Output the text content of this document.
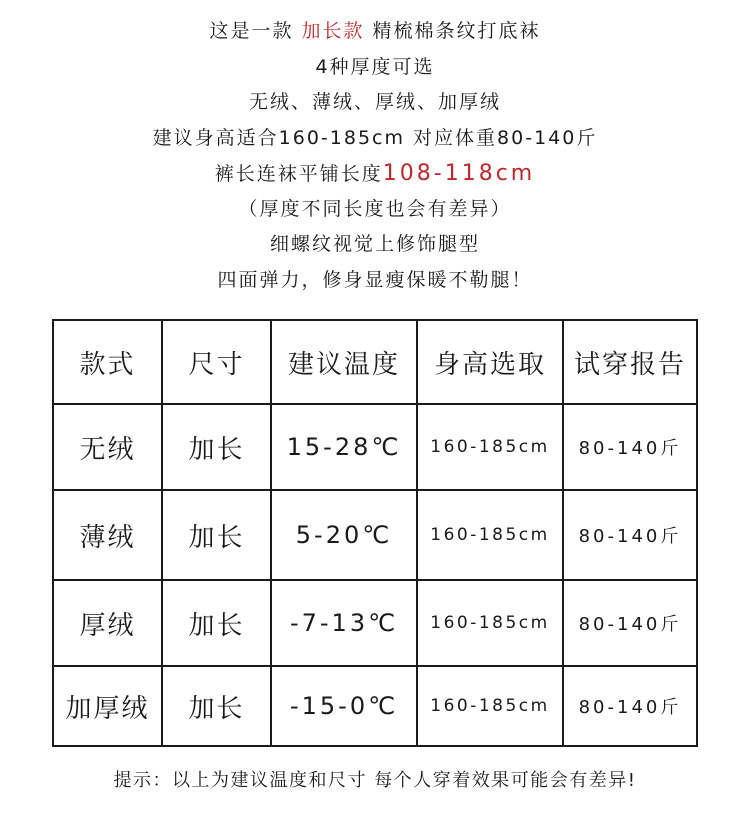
这是一款 加长款 精梳棉条纹打底袜
4种厚度可选
无绒、薄绒、厚绒、加厚绒
建议身高适合160-185cm 对应体重80-140斤
裤长连袜平铺长度108-118cm
（厚度不同长度也会有差异）
细螺纹视觉上修饰腿型
四面弹力，修身显瘦保暖不勒腿！
款式	尺寸	建议温度	身高选取	试穿报告
无绒	加长	15-28℃	160-185cm	80-140斤
薄绒	加长	5-20℃	160-185cm	80-140斤
厚绒	加长	-7-13℃	160-185cm	80-140斤
加厚绒	加长	-15-0℃	160-185cm	80-140斤
提示：以上为建议温度和尺寸 每个人穿着效果可能会有差异!
